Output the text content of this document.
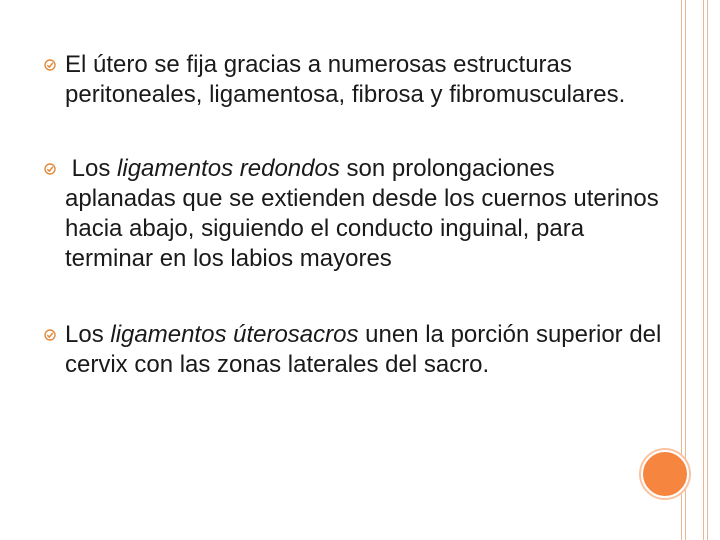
El útero se fija gracias a numerosas estructuras peritoneales, ligamentosa, fibrosa y fibromusculares.
Los ligamentos redondos son prolongaciones aplanadas que se extienden desde los cuernos uterinos hacia abajo, siguiendo el conducto inguinal, para terminar en los labios mayores
Los ligamentos úterosacros unen la porción superior del cervix con las zonas laterales del sacro.
